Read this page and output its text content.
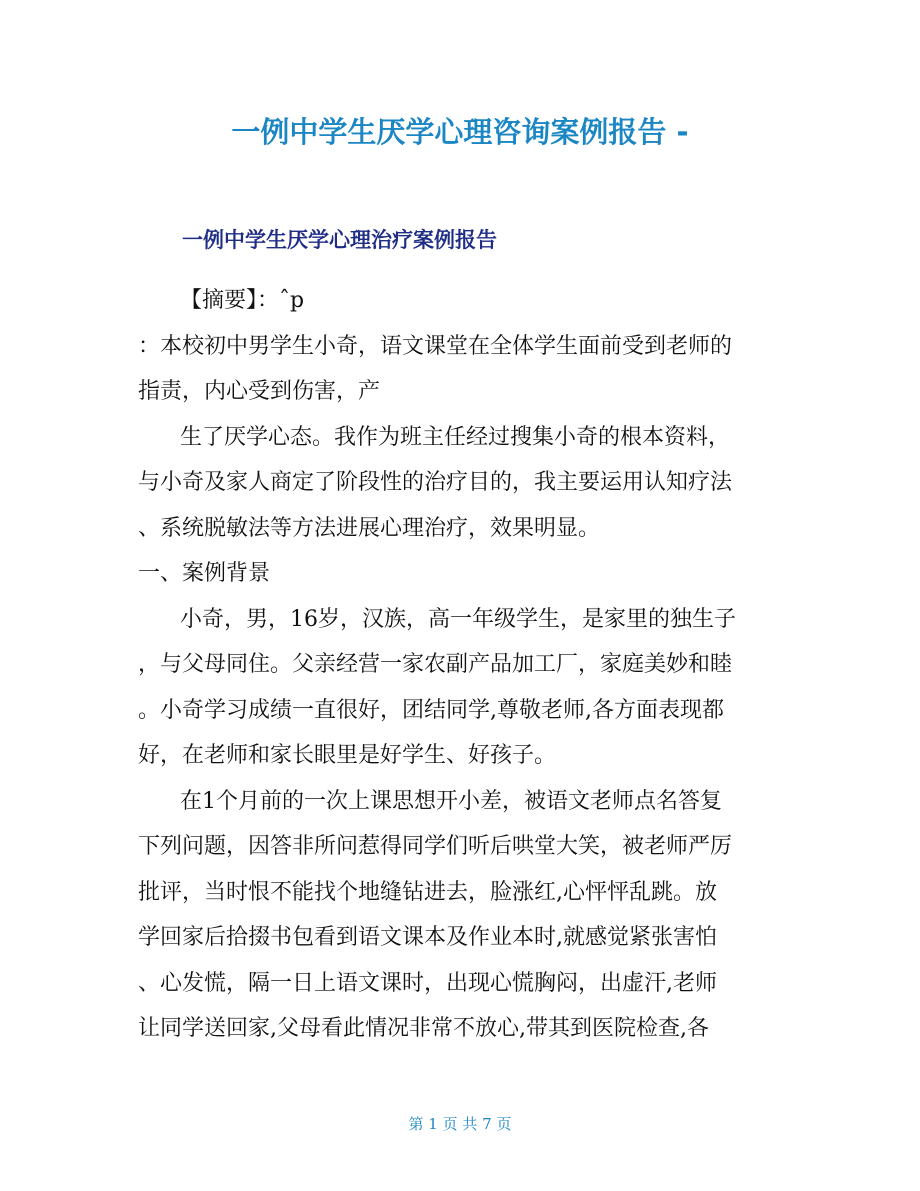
一例中学生厌学心理咨询案例报告 -
一例中学生厌学心理治疗案例报告

【摘要】：ˆp

：本校初中男学生小奇，语文课堂在全体学生面前受到老师的

指责，内心受到伤害，产

生了厌学心态。我作为班主任经过搜集小奇的根本资料，

与小奇及家人商定了阶段性的治疗目的，我主要运用认知疗法

、系统脱敏法等方法进展心理治疗，效果明显。

一、案例背景

小奇，男，16岁，汉族，高一年级学生，是家里的独生子

，与父母同住。父亲经营一家农副产品加工厂，家庭美妙和睦

。小奇学习成绩一直很好，团结同学,尊敬老师,各方面表现都

好，在老师和家长眼里是好学生、好孩子。

在1个月前的一次上课思想开小差，被语文老师点名答复

下列问题，因答非所问惹得同学们听后哄堂大笑，被老师严厉

批评，当时恨不能找个地缝钻进去，脸涨红,心怦怦乱跳。放

学回家后拾掇书包看到语文课本及作业本时,就感觉紧张害怕

、心发慌，隔一日上语文课时，出现心慌胸闷，出虚汗,老师

让同学送回家,父母看此情况非常不放心,带其到医院检查,各

第 1 页 共 7 页
